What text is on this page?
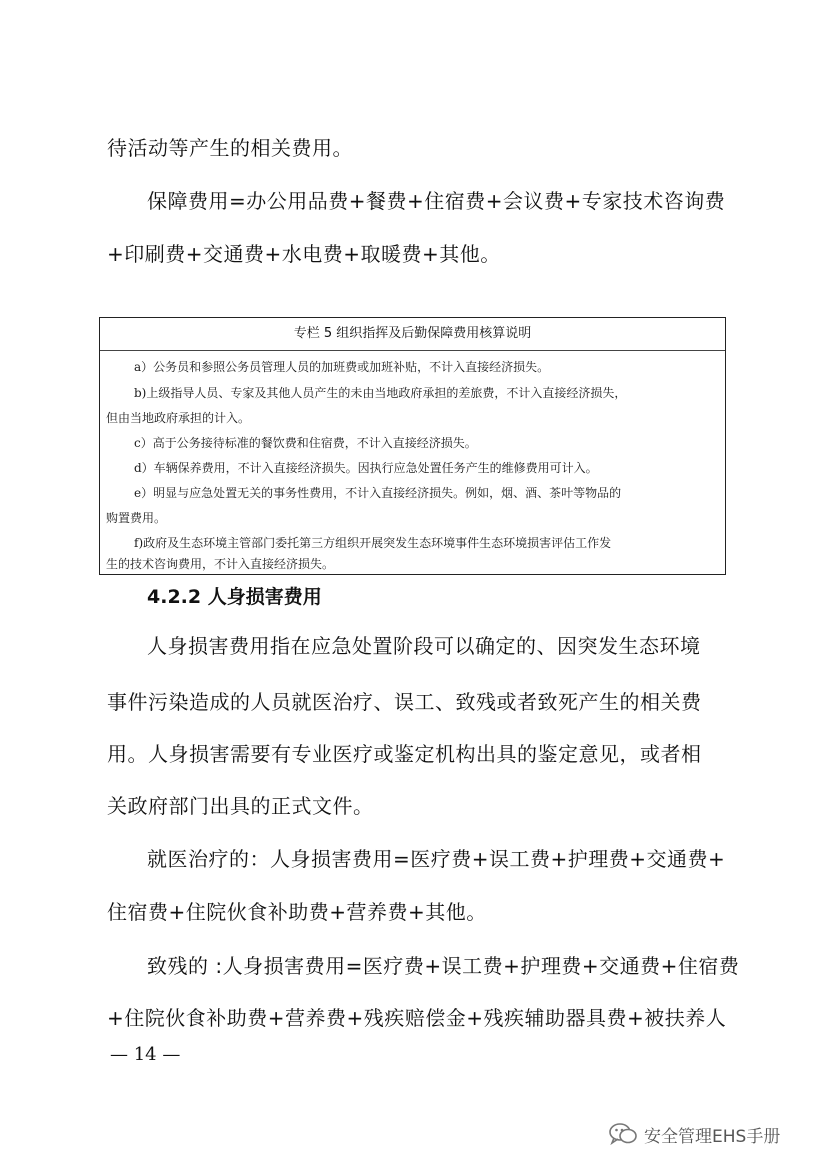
待活动等产生的相关费用。
保障费用=办公用品费+餐费+住宿费+会议费+专家技术咨询费
+印刷费+交通费+水电费+取暖费+其他。
专栏 5 组织指挥及后勤保障费用核算说明
a）公务员和参照公务员管理人员的加班费或加班补贴，不计入直接经济损失。
b)上级指导人员、专家及其他人员产生的未由当地政府承担的差旅费，不计入直接经济损失，
但由当地政府承担的计入。
c）高于公务接待标准的餐饮费和住宿费，不计入直接经济损失。
d）车辆保养费用，不计入直接经济损失。因执行应急处置任务产生的维修费用可计入。
e）明显与应急处置无关的事务性费用，不计入直接经济损失。例如，烟、酒、茶叶等物品的
购置费用。
f)政府及生态环境主管部门委托第三方组织开展突发生态环境事件生态环境损害评估工作发
生的技术咨询费用，不计入直接经济损失。
4.2.2 人身损害费用
人身损害费用指在应急处置阶段可以确定的、因突发生态环境
事件污染造成的人员就医治疗、误工、致残或者致死产生的相关费
用。人身损害需要有专业医疗或鉴定机构出具的鉴定意见，或者相
关政府部门出具的正式文件。
就医治疗的：人身损害费用=医疗费+误工费+护理费+交通费+
住宿费+住院伙食补助费+营养费+其他。
致残的 :人身损害费用=医疗费+误工费+护理费+交通费+住宿费
+住院伙食补助费+营养费+残疾赔偿金+残疾辅助器具费+被扶养人
— 14 —
安全管理EHS手册
